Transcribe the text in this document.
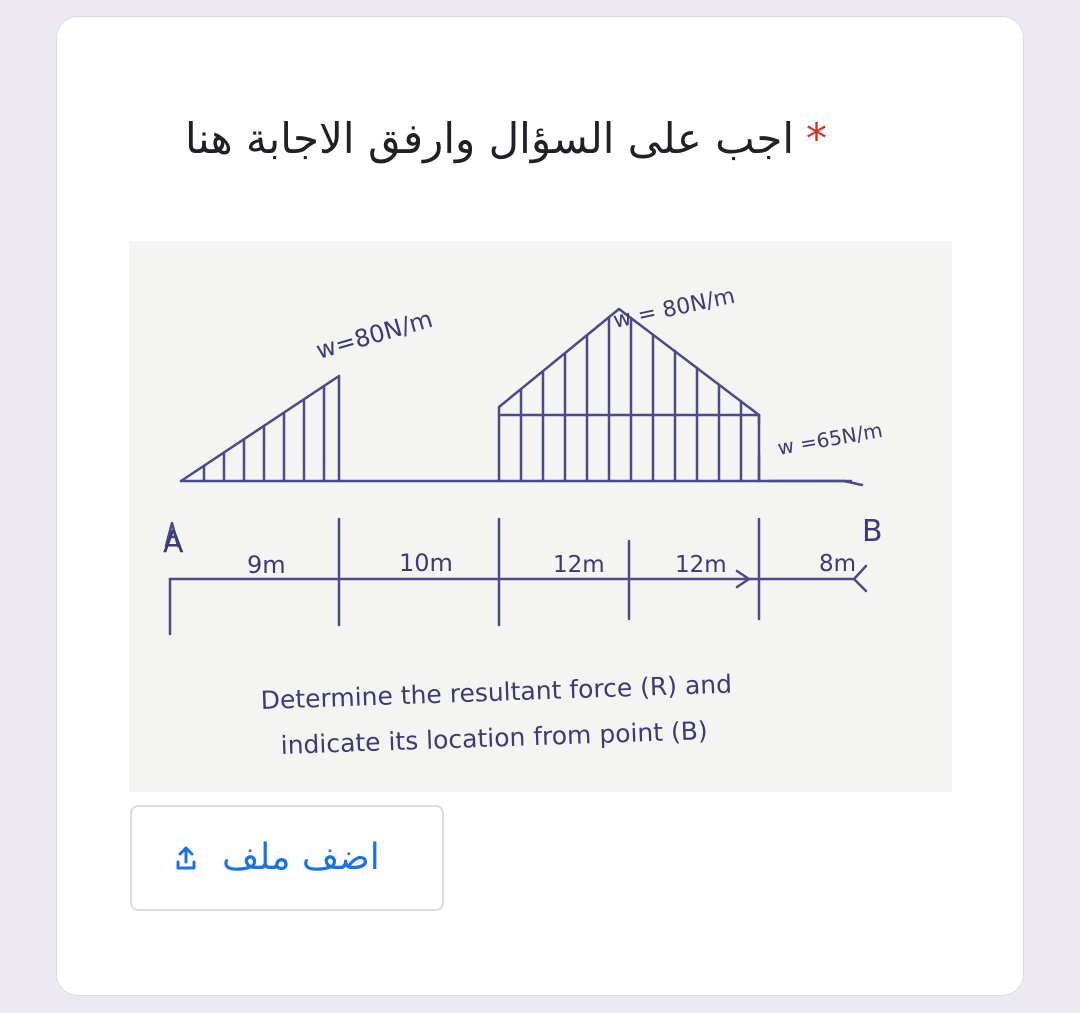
*اجب على السؤال وارفق الاجابة هنا
w=80N/m	w = 80N/m
w =65N/m
A	B
9m	10m	12m	12m	8m
Determine the resultant force (R) and
indicate its location from point (B)
اضف ملف
